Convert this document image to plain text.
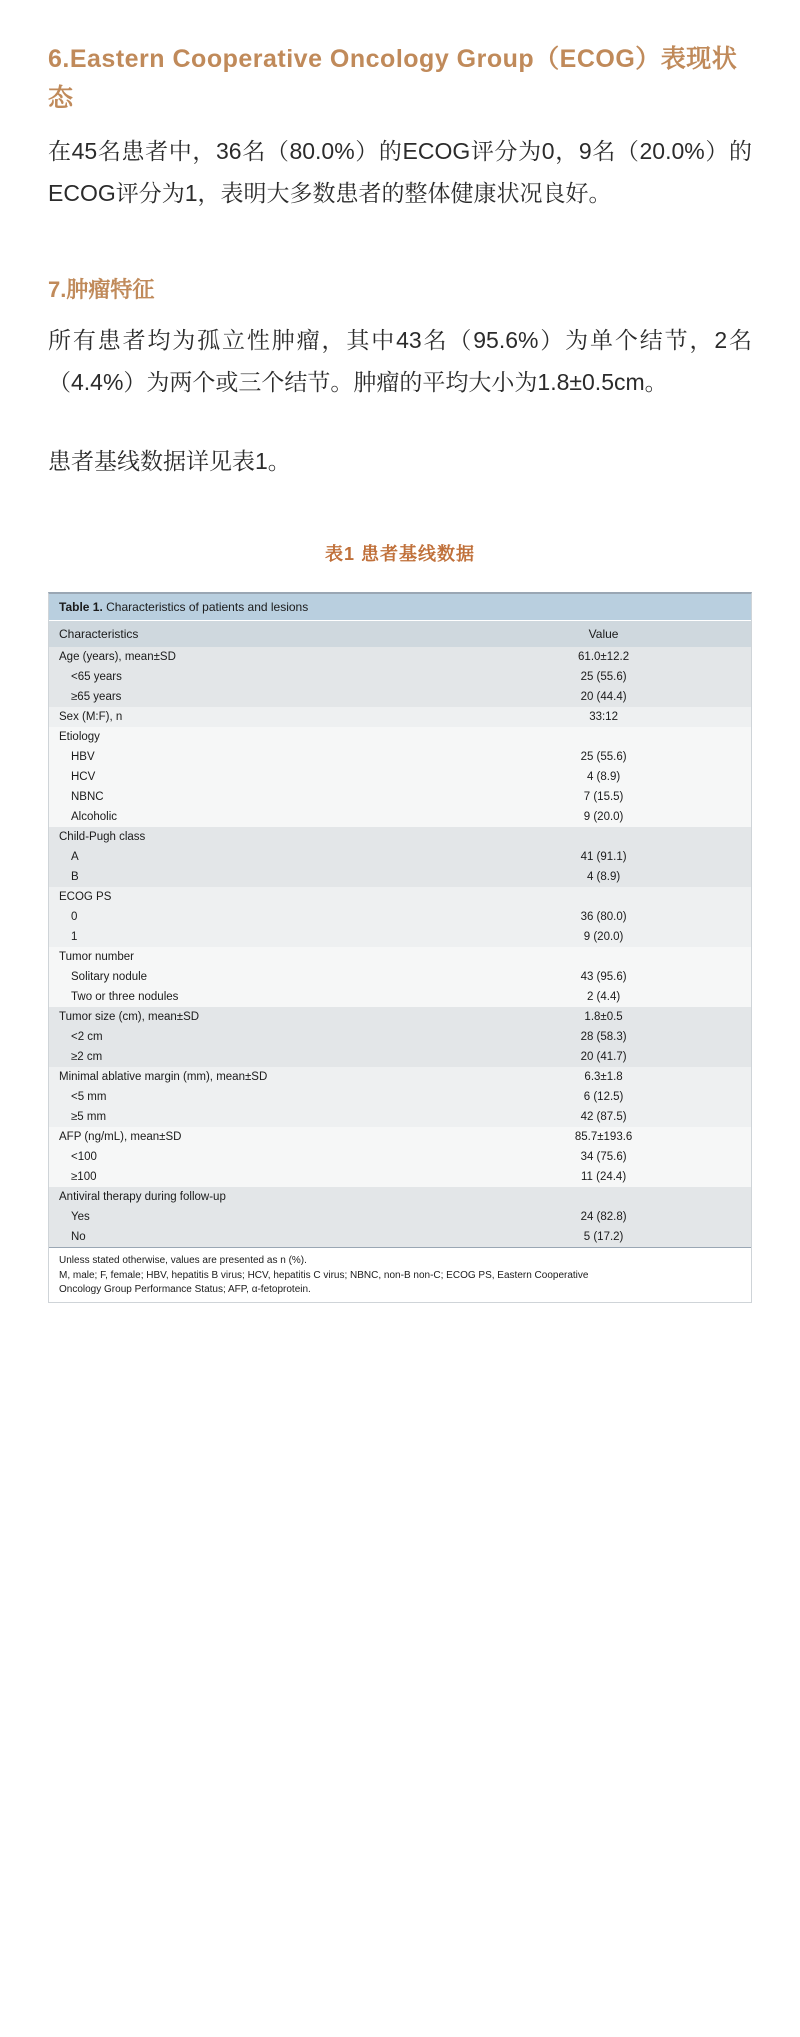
6.Eastern Cooperative Oncology Group（ECOG）表现状态

在45名患者中，36名（80.0%）的ECOG评分为0，9名（20.0%）的ECOG评分为1，表明大多数患者的整体健康状况良好。

7.肿瘤特征

所有患者均为孤立性肿瘤，其中43名（95.6%）为单个结节，2名（4.4%）为两个或三个结节。肿瘤的平均大小为1.8±0.5cm。

患者基线数据详见表1。

表1 患者基线数据
Table 1. Characteristics of patients and lesions	
Characteristics	Value
Age (years), mean±SD	61.0±12.2
<65 years	25 (55.6)
≥65 years	20 (44.4)
Sex (M:F), n	33:12
Etiology	
HBV	25 (55.6)
HCV	4 (8.9)
NBNC	7 (15.5)
Alcoholic	9 (20.0)
Child-Pugh class	
A	41 (91.1)
B	4 (8.9)
ECOG PS	
0	36 (80.0)
1	9 (20.0)
Tumor number	
Solitary nodule	43 (95.6)
Two or three nodules	2 (4.4)
Tumor size (cm), mean±SD	1.8±0.5
<2 cm	28 (58.3)
≥2 cm	20 (41.7)
Minimal ablative margin (mm), mean±SD	6.3±1.8
<5 mm	6 (12.5)
≥5 mm	42 (87.5)
AFP (ng/mL), mean±SD	85.7±193.6
<100	34 (75.6)
≥100	11 (24.4)
Antiviral therapy during follow-up	
Yes	24 (82.8)
No	5 (17.2)

Unless stated otherwise, values are presented as n (%).
M, male; F, female; HBV, hepatitis B virus; HCV, hepatitis C virus; NBNC, non-B non-C; ECOG PS, Eastern Cooperative
Oncology Group Performance Status; AFP, α-fetoprotein.	
